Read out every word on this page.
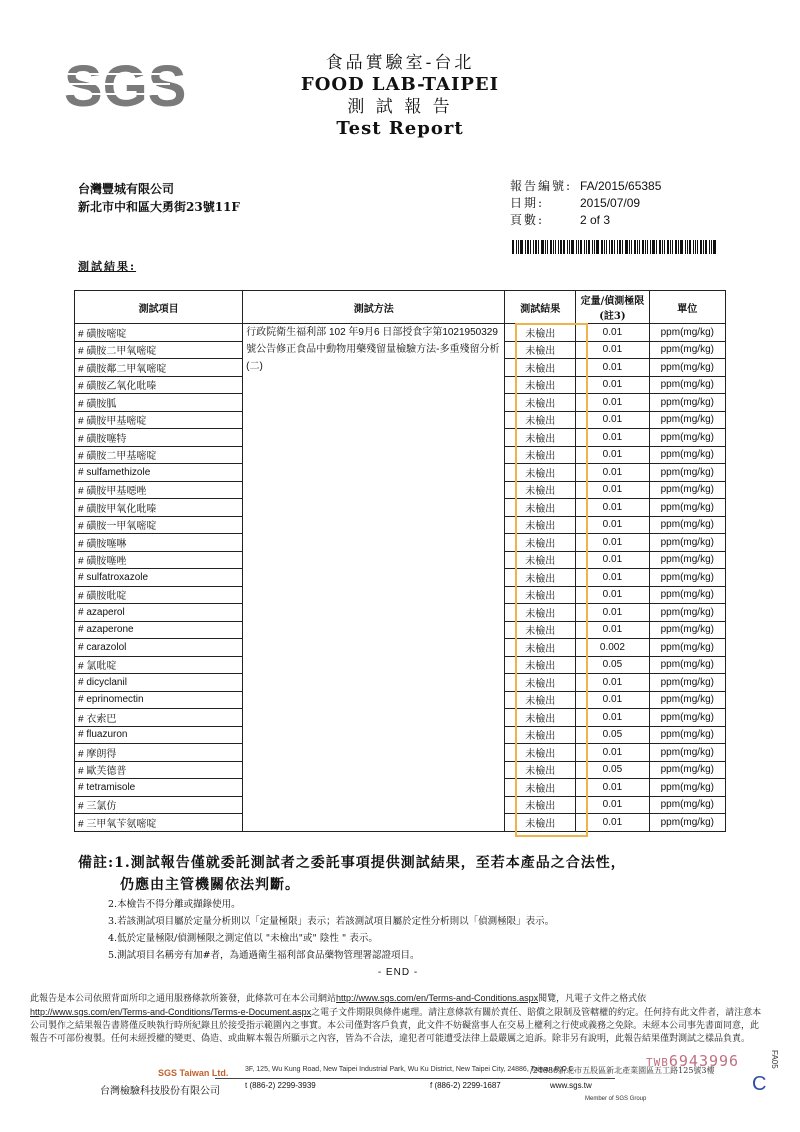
SGS	食品實驗室-台北
FOOD LAB-TAIPEI
測 試 報 告
Test Report
台灣豐城有限公司
新北市中和區大勇街23號11F
報告編號: FA/2015/65385
日期:	2015/07/09
頁數:	2 of 3
測試結果:
測試項目	測試方法	測試結果	定量/偵測極限(註3)	單位
# 磺胺嘧啶	行政院衛生福利部 102 年9月6 日部授食字第1021950329 號公告修正食品中動物用藥殘留量檢驗方法-多重殘留分析(二)	未檢出	0.01	ppm(mg/kg)
# 磺胺二甲氧嘧啶		未檢出	0.01	ppm(mg/kg)
# 磺胺鄰二甲氧嘧啶		未檢出	0.01	ppm(mg/kg)
# 磺胺乙氧化吡嗪		未檢出	0.01	ppm(mg/kg)
# 磺胺胍		未檢出	0.01	ppm(mg/kg)
# 磺胺甲基嘧啶		未檢出	0.01	ppm(mg/kg)
# 磺胺噻特		未檢出	0.01	ppm(mg/kg)
# 磺胺二甲基嘧啶		未檢出	0.01	ppm(mg/kg)
# sulfamethizole		未檢出	0.01	ppm(mg/kg)
# 磺胺甲基噁唑		未檢出	0.01	ppm(mg/kg)
# 磺胺甲氧化吡嗪		未檢出	0.01	ppm(mg/kg)
# 磺胺一甲氧嘧啶		未檢出	0.01	ppm(mg/kg)
# 磺胺噻啉		未檢出	0.01	ppm(mg/kg)
# 磺胺噻唑		未檢出	0.01	ppm(mg/kg)
# sulfatroxazole		未檢出	0.01	ppm(mg/kg)
# 磺胺吡啶		未檢出	0.01	ppm(mg/kg)
# azaperol		未檢出	0.01	ppm(mg/kg)
# azaperone		未檢出	0.01	ppm(mg/kg)
# carazolol		未檢出	0.002	ppm(mg/kg)
# 氯吡啶		未檢出	0.05	ppm(mg/kg)
# dicyclanil		未檢出	0.01	ppm(mg/kg)
# eprinomectin		未檢出	0.01	ppm(mg/kg)
# 衣索巴		未檢出	0.01	ppm(mg/kg)
# fluazuron		未檢出	0.05	ppm(mg/kg)
# 摩朗得		未檢出	0.01	ppm(mg/kg)
# 歐芙德普		未檢出	0.05	ppm(mg/kg)
# tetramisole		未檢出	0.01	ppm(mg/kg)
# 三氯仿		未檢出	0.01	ppm(mg/kg)
# 三甲氧苄氨嘧啶		未檢出	0.01	ppm(mg/kg)
備註:1.測試報告僅就委託測試者之委託事項提供測試結果，至若本產品之合法性，
仍應由主管機關依法判斷。
2.本檢告不得分離或擷錄使用。
3.若該測試項目屬於定量分析則以「定量極限」表示；若該測試項目屬於定性分析則以「偵測極限」表示。
4.低於定量極限/偵測極限之測定值以 "未檢出"或" 陰性 " 表示。
5.測試項目名稱旁有加#者，為通過衛生福利部食品藥物管理署認證項目。
- END -
此報告是本公司依照背面所印之通用服務條款所簽發，此條款可在本公司網站http://www.sgs.com/en/Terms-and-Conditions.aspx閱覽，凡電子文件之格式依http://www.sgs.com/en/Terms-and-Conditions/Terms-e-Document.aspx之電子文件期限與條件處理。請注意條款有關於責任、賠償之限制及管轄權的約定。任何持有此文件者，請注意本公司製作之結果報告書將僅反映執行時所紀錄且於接受指示範圍內之事實。本公司僅對客戶負責，此文件不妨礙當事人在交易上權利之行使或義務之免除。未經本公司事先書面同意，此報告不可部份複製。任何未經授權的變更、偽造、或曲解本報告所顯示之內容，皆為不合法，違犯者可能遭受法律上最嚴厲之追訴。除非另有說明，此報告結果僅對測試之樣品負責。
TWB6943996
SGS Taiwan Ltd.
台灣檢驗科技股份有限公司
3F, 125, Wu Kung Road, New Taipei Industrial Park, Wu Ku District, New Taipei City, 24886, Taiwan R.O.C.
/24886新北市五股區新北產業園區五工路125號3樓
t (886-2) 2299-3939	f (886-2) 2299-1687	www.sgs.tw
Member of SGS Group
C
FA05
